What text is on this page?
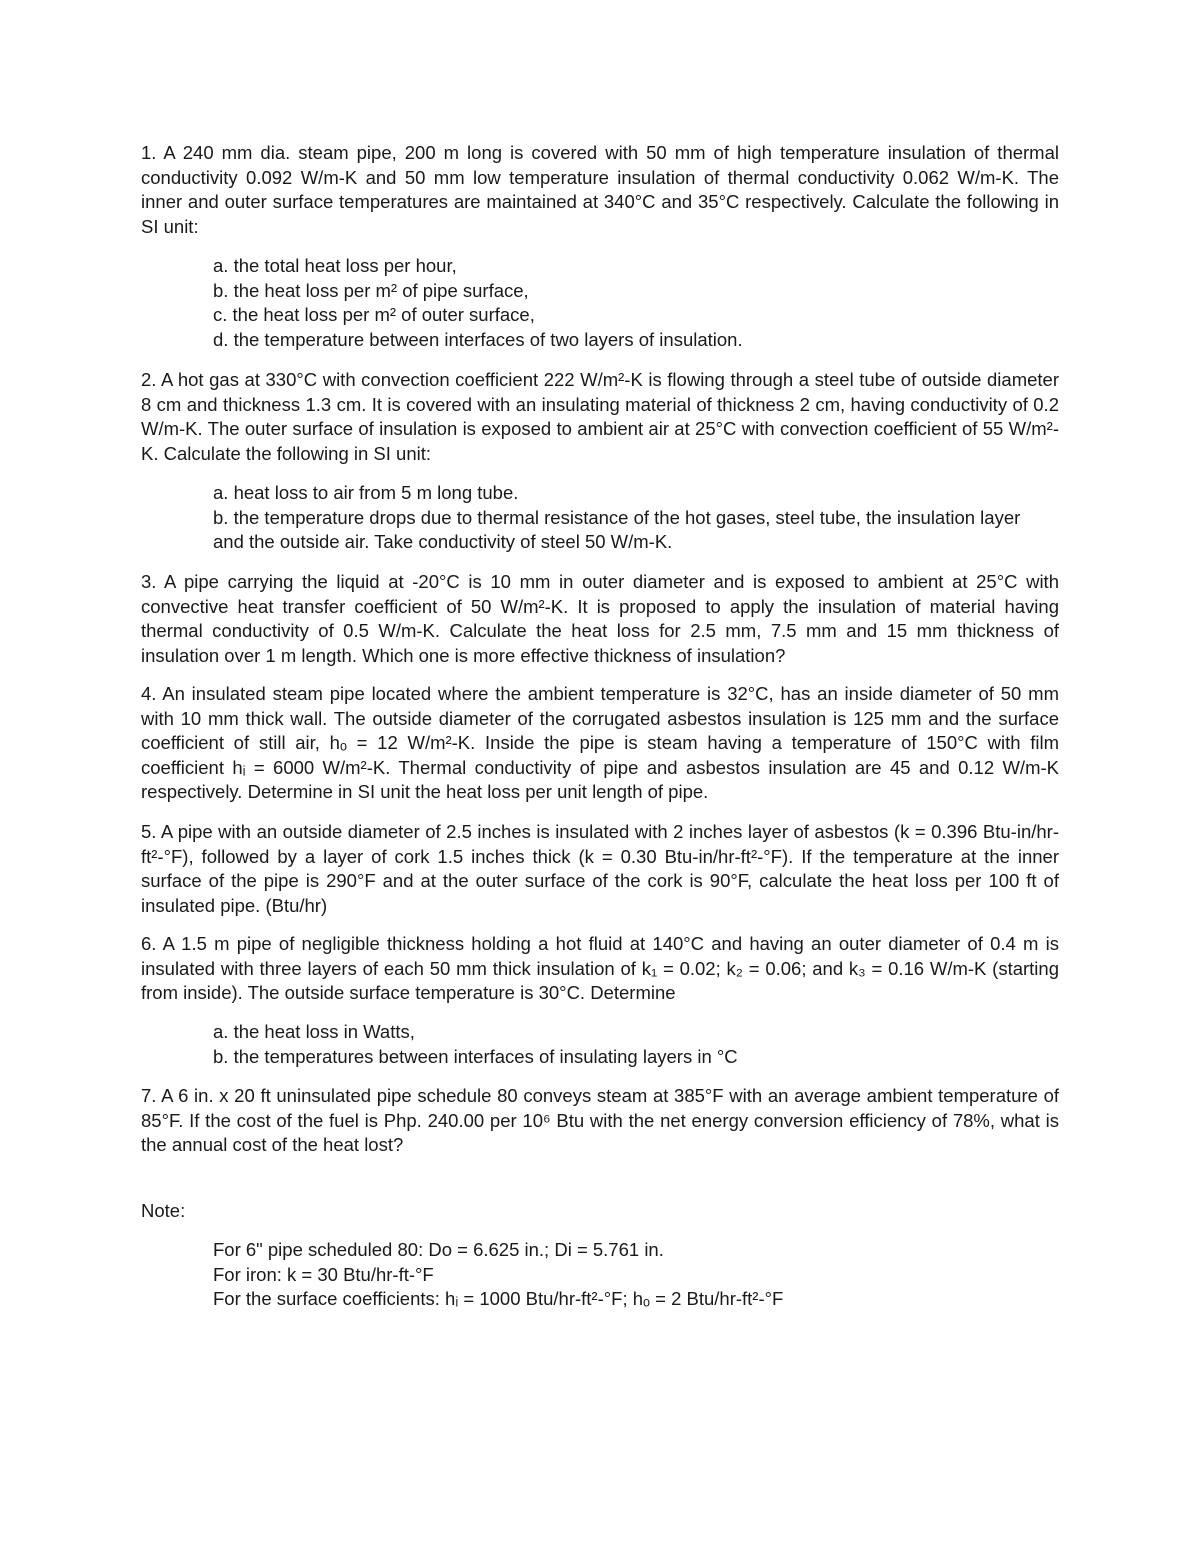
1. A 240 mm dia. steam pipe, 200 m long is covered with 50 mm of high temperature insulation of thermal conductivity 0.092 W/m-K and 50 mm low temperature insulation of thermal conductivity 0.062 W/m-K. The inner and outer surface temperatures are maintained at 340°C and 35°C respectively. Calculate the following in SI unit:

a. the total heat loss per hour,
b. the heat loss per m² of pipe surface,
c. the heat loss per m² of outer surface,
d. the temperature between interfaces of two layers of insulation.

2. A hot gas at 330°C with convection coefficient 222 W/m²-K is flowing through a steel tube of outside diameter 8 cm and thickness 1.3 cm. It is covered with an insulating material of thickness 2 cm, having conductivity of 0.2 W/m-K. The outer surface of insulation is exposed to ambient air at 25°C with convection coefficient of 55 W/m²-K. Calculate the following in SI unit:

a. heat loss to air from 5 m long tube.
b. the temperature drops due to thermal resistance of the hot gases, steel tube, the insulation layer and the outside air. Take conductivity of steel 50 W/m-K.

3. A pipe carrying the liquid at -20°C is 10 mm in outer diameter and is exposed to ambient at 25°C with convective heat transfer coefficient of 50 W/m²-K. It is proposed to apply the insulation of material having thermal conductivity of 0.5 W/m-K. Calculate the heat loss for 2.5 mm, 7.5 mm and 15 mm thickness of insulation over 1 m length. Which one is more effective thickness of insulation?

4. An insulated steam pipe located where the ambient temperature is 32°C, has an inside diameter of 50 mm with 10 mm thick wall. The outside diameter of the corrugated asbestos insulation is 125 mm and the surface coefficient of still air, hₒ = 12 W/m²-K. Inside the pipe is steam having a temperature of 150°C with film coefficient hᵢ = 6000 W/m²-K. Thermal conductivity of pipe and asbestos insulation are 45 and 0.12 W/m-K respectively. Determine in SI unit the heat loss per unit length of pipe.

5. A pipe with an outside diameter of 2.5 inches is insulated with 2 inches layer of asbestos (k = 0.396 Btu-in/hr-ft²-°F), followed by a layer of cork 1.5 inches thick (k = 0.30 Btu-in/hr-ft²-°F). If the temperature at the inner surface of the pipe is 290°F and at the outer surface of the cork is 90°F, calculate the heat loss per 100 ft of insulated pipe. (Btu/hr)

6. A 1.5 m pipe of negligible thickness holding a hot fluid at 140°C and having an outer diameter of 0.4 m is insulated with three layers of each 50 mm thick insulation of k₁ = 0.02; k₂ = 0.06; and k₃ = 0.16 W/m-K (starting from inside). The outside surface temperature is 30°C. Determine

a. the heat loss in Watts,
b. the temperatures between interfaces of insulating layers in °C

7. A 6 in. x 20 ft uninsulated pipe schedule 80 conveys steam at 385°F with an average ambient temperature of 85°F. If the cost of the fuel is Php. 240.00 per 10⁶ Btu with the net energy conversion efficiency of 78%, what is the annual cost of the heat lost?

Note:
For 6" pipe scheduled 80: Do = 6.625 in.; Di = 5.761 in.
For iron: k = 30 Btu/hr-ft-°F
For the surface coefficients: hᵢ = 1000 Btu/hr-ft²-°F; hₒ = 2 Btu/hr-ft²-°F
